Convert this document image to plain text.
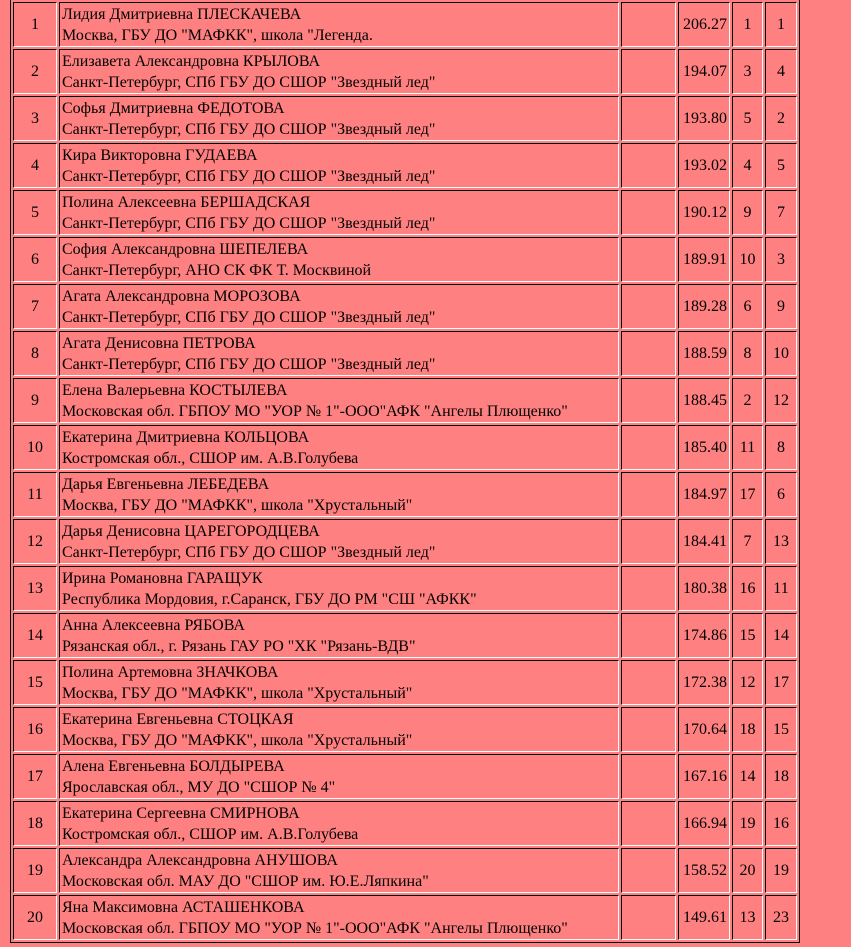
1	Лидия Дмитриевна ПЛЕСКАЧЕВА
Москва, ГБУ ДО "МАФКК", школа "Легенда.		206.27	1	1
2	Елизавета Александровна КРЫЛОВА
Санкт-Петербург, СПб ГБУ ДО СШОР "Звездный лед"		194.07	3	4
3	Софья Дмитриевна ФЕДОТОВА
Санкт-Петербург, СПб ГБУ ДО СШОР "Звездный лед"		193.80	5	2
4	Кира Викторовна ГУДАЕВА
Санкт-Петербург, СПб ГБУ ДО СШОР "Звездный лед"		193.02	4	5
5	Полина Алексеевна БЕРШАДСКАЯ
Санкт-Петербург, СПб ГБУ ДО СШОР "Звездный лед"		190.12	9	7
6	София Александровна ШЕПЕЛЕВА
Санкт-Петербург, АНО СК ФК Т. Москвиной		189.91	10	3
7	Агата Александровна МОРОЗОВА
Санкт-Петербург, СПб ГБУ ДО СШОР "Звездный лед"		189.28	6	9
8	Агата Денисовна ПЕТРОВА
Санкт-Петербург, СПб ГБУ ДО СШОР "Звездный лед"		188.59	8	10
9	Елена Валерьевна КОСТЫЛЕВА
Московская обл. ГБПОУ МО "УОР № 1"-ООО"АФК "Ангелы Плющенко"		188.45	2	12
10	Екатерина Дмитриевна КОЛЬЦОВА
Костромская обл., СШОР им. А.В.Голубева		185.40	11	8
11	Дарья Евгеньевна ЛЕБЕДЕВА
Москва, ГБУ ДО "МАФКК", школа "Хрустальный"		184.97	17	6
12	Дарья Денисовна ЦАРЕГОРОДЦЕВА
Санкт-Петербург, СПб ГБУ ДО СШОР "Звездный лед"		184.41	7	13
13	Ирина Романовна ГАРАЩУК
Республика Мордовия, г.Саранск, ГБУ ДО РМ "СШ "АФКК"		180.38	16	11
14	Анна Алексеевна РЯБОВА
Рязанская обл., г. Рязань ГАУ РО "ХК "Рязань-ВДВ"		174.86	15	14
15	Полина Артемовна ЗНАЧКОВА
Москва, ГБУ ДО "МАФКК", школа "Хрустальный"		172.38	12	17
16	Екатерина Евгеньевна СТОЦКАЯ
Москва, ГБУ ДО "МАФКК", школа "Хрустальный"		170.64	18	15
17	Алена Евгеньевна БОЛДЫРЕВА
Ярославская обл., МУ ДО "СШОР № 4"		167.16	14	18
18	Екатерина Сергеевна СМИРНОВА
Костромская обл., СШОР им. А.В.Голубева		166.94	19	16
19	Александра Александровна АНУШОВА
Московская обл. МАУ ДО "СШОР им. Ю.Е.Ляпкина"		158.52	20	19
20	Яна Максимовна АСТАШЕНКОВА
Московская обл. ГБПОУ МО "УОР № 1"-ООО"АФК "Ангелы Плющенко"		149.61	13	23
